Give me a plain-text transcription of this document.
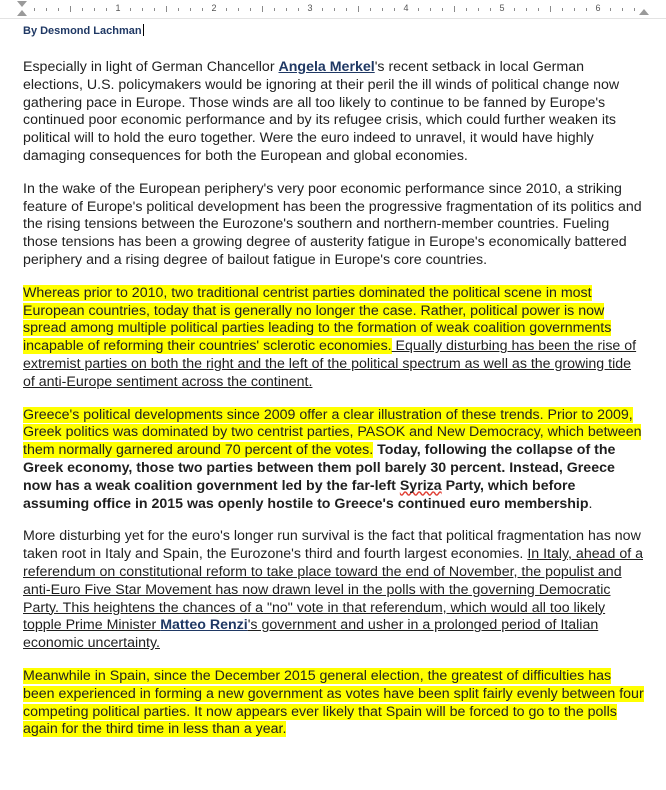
1	2	3	4	5	6
By Desmond Lachman

Especially in light of German Chancellor Angela Merkel's recent setback in local German elections, U.S. policymakers would be ignoring at their peril the ill winds of political change now gathering pace in Europe. Those winds are all too likely to continue to be fanned by Europe's continued poor economic performance and by its refugee crisis, which could further weaken its political will to hold the euro together. Were the euro indeed to unravel, it would have highly damaging consequences for both the European and global economies.

In the wake of the European periphery's very poor economic performance since 2010, a striking feature of Europe's political development has been the progressive fragmentation of its politics and the rising tensions between the Eurozone's southern and northern-member countries. Fueling those tensions has been a growing degree of austerity fatigue in Europe's economically battered periphery and a rising degree of bailout fatigue in Europe's core countries.

Whereas prior to 2010, two traditional centrist parties dominated the political scene in most European countries, today that is generally no longer the case. Rather, political power is now spread among multiple political parties leading to the formation of weak coalition governments incapable of reforming their countries' sclerotic economies. Equally disturbing has been the rise of extremist parties on both the right and the left of the political spectrum as well as the growing tide of anti-Europe sentiment across the continent.

Greece's political developments since 2009 offer a clear illustration of these trends. Prior to 2009, Greek politics was dominated by two centrist parties, PASOK and New Democracy, which between them normally garnered around 70 percent of the votes. Today, following the collapse of the Greek economy, those two parties between them poll barely 30 percent. Instead, Greece now has a weak coalition government led by the far-left Syriza Party, which before assuming office in 2015 was openly hostile to Greece's continued euro membership.

More disturbing yet for the euro's longer run survival is the fact that political fragmentation has now taken root in Italy and Spain, the Eurozone's third and fourth largest economies. In Italy, ahead of a referendum on constitutional reform to take place toward the end of November, the populist and anti-Euro Five Star Movement has now drawn level in the polls with the governing Democratic Party. This heightens the chances of a "no" vote in that referendum, which would all too likely topple Prime Minister Matteo Renzi's government and usher in a prolonged period of Italian economic uncertainty.

Meanwhile in Spain, since the December 2015 general election, the greatest of difficulties has been experienced in forming a new government as votes have been split fairly evenly between four competing political parties. It now appears ever likely that Spain will be forced to go to the polls again for the third time in less than a year.
